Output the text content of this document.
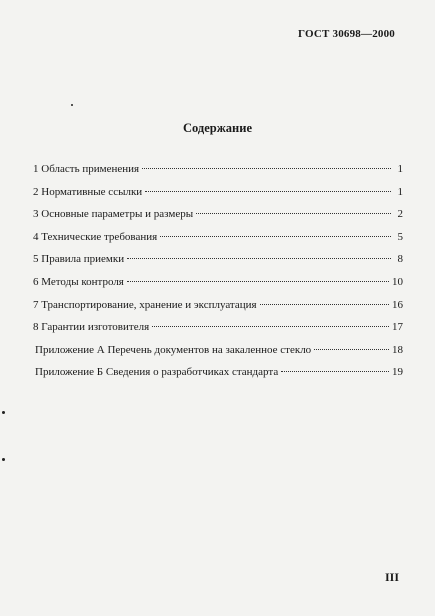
ГОСТ 30698—2000
Содержание
1 Область применения	1
2 Нормативные ссылки	1
3 Основные параметры и размеры	2
4 Технические требования	5
5 Правила приемки	8
6 Методы контроля	10
7 Транспортирование, хранение и эксплуатация	16
8 Гарантии изготовителя	17
Приложение А Перечень документов на закаленное стекло	18
Приложение Б Сведения о разработчиках стандарта	19
III
